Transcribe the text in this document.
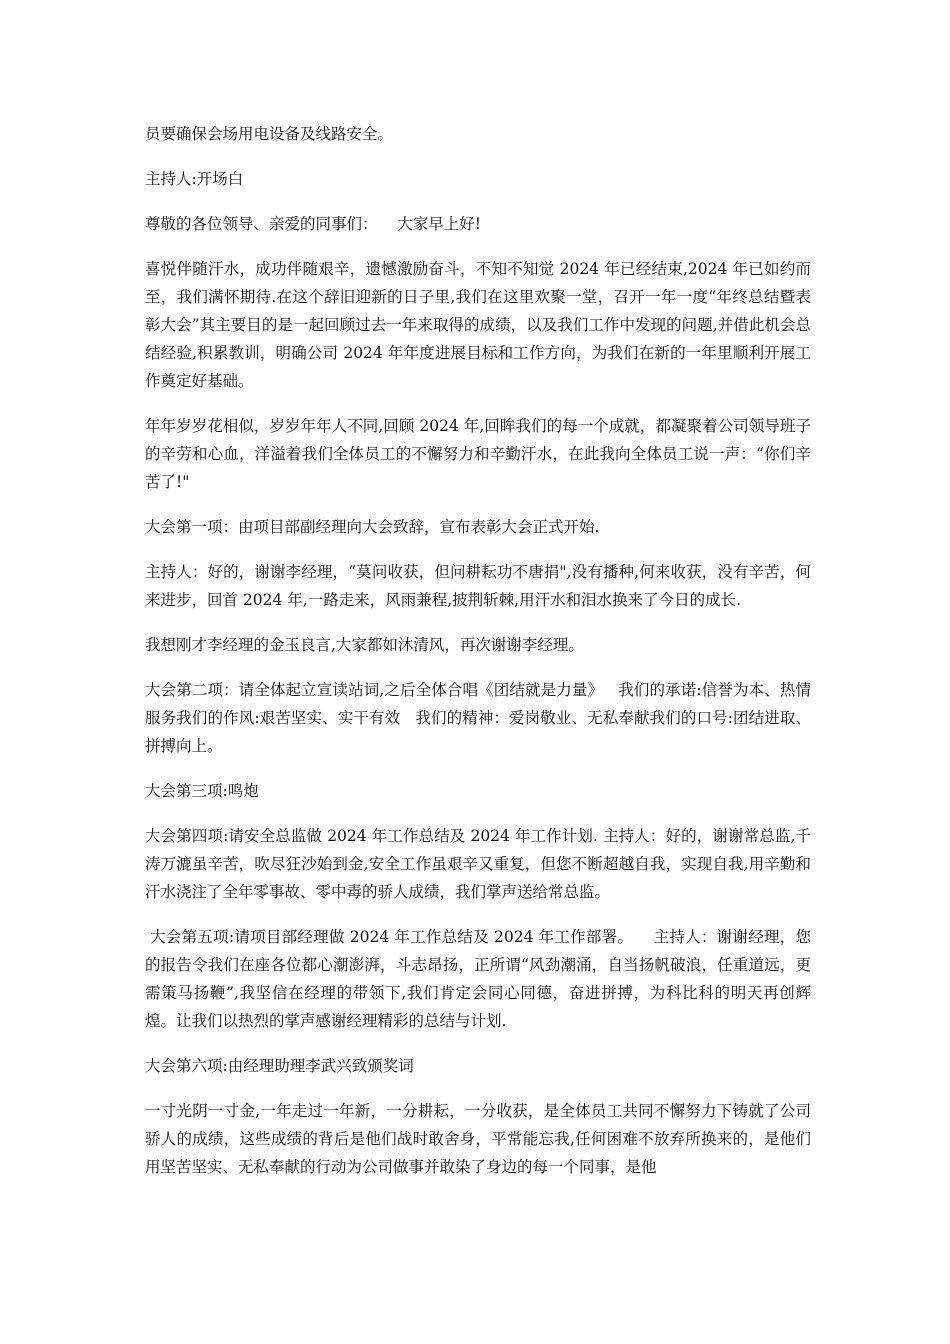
员要确保会场用电设备及线路安全。

主持人:开场白

尊敬的各位领导、亲爱的同事们：    大家早上好!

喜悦伴随汗水，成功伴随艰辛，遗憾激励奋斗，不知不知觉 2024 年已经结束,2024 年已如约而至，我们满怀期待.在这个辞旧迎新的日子里,我们在这里欢聚一堂，召开一年一度“年终总结暨表彰大会”其主要目的是一起回顾过去一年来取得的成绩，以及我们工作中发现的问题,并借此机会总结经验,积累教训，明确公司 2024 年年度进展目标和工作方向，为我们在新的一年里顺利开展工作奠定好基础。

年年岁岁花相似，岁岁年年人不同,回顾 2024 年,回眸我们的每一个成就，都凝聚着公司领导班子的辛劳和心血，洋溢着我们全体员工的不懈努力和辛勤汗水，在此我向全体员工说一声：“你们辛苦了!"

大会第一项：由项目部副经理向大会致辞，宣布表彰大会正式开始.

主持人：好的，谢谢李经理，“莫问收获，但问耕耘功不唐捐",没有播种,何来收获，没有辛苦，何来进步，回首 2024 年,一路走来，风雨兼程,披荆斩棘,用汗水和泪水换来了今日的成长.

我想刚才李经理的金玉良言,大家都如沐清风，再次谢谢李经理。

大会第二项：请全体起立宣读站词,之后全体合唱《团结就是力量》   我们的承诺:信誉为本、热情服务我们的作风:艰苦坚实、实干有效   我们的精神：爱岗敬业、无私奉献我们的口号:团结进取、拼搏向上。

大会第三项:鸣炮

大会第四项:请安全总监做 2024 年工作总结及 2024 年工作计划. 主持人：好的，谢谢常总监,千涛万漉虽辛苦，吹尽狂沙始到金,安全工作虽艰辛又重复，但您不断超越自我，实现自我,用辛勤和汗水浇注了全年零事故、零中毒的骄人成绩，我们掌声送给常总监。

大会第五项:请项目部经理做 2024 年工作总结及 2024 年工作部署。    主持人：谢谢经理，您的报告令我们在座各位都心潮澎湃，斗志昂扬，正所谓“风劲潮涌，自当扬帆破浪，任重道远，更需策马扬鞭”,我坚信在经理的带领下,我们肯定会同心同德，奋进拼搏，为科比科的明天再创辉煌。让我们以热烈的掌声感谢经理精彩的总结与计划.

大会第六项:由经理助理李武兴致颁奖词

一寸光阴一寸金,一年走过一年新，一分耕耘，一分收获，是全体员工共同不懈努力下铸就了公司骄人的成绩，这些成绩的背后是他们战时敢舍身，平常能忘我,任何困难不放弃所换来的，是他们用坚苦坚实、无私奉献的行动为公司做事并敢染了身边的每一个同事，是他
